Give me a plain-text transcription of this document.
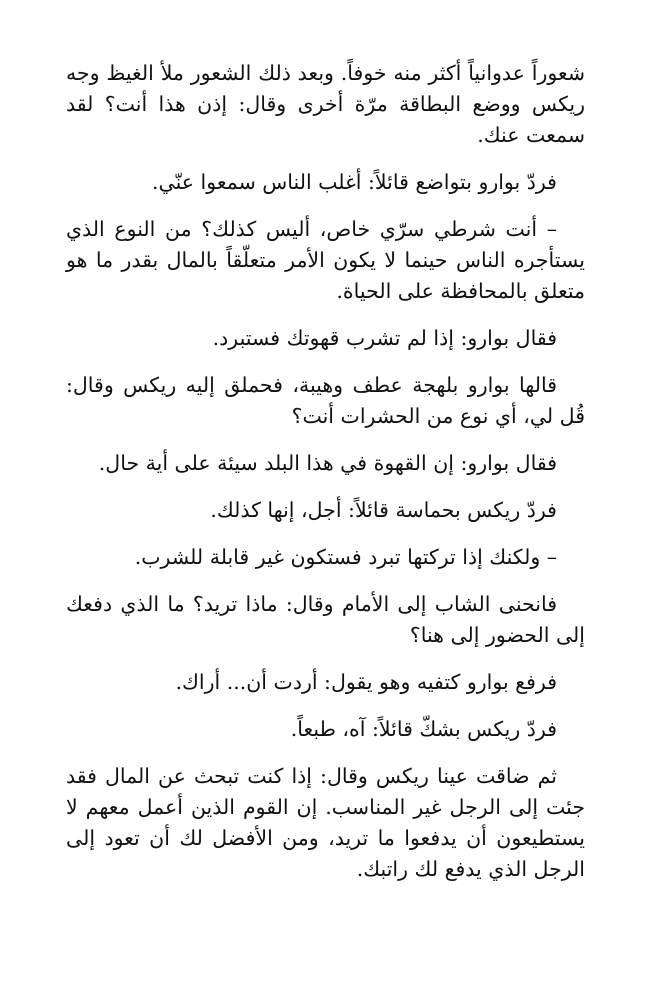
شعوراً عدوانياً أكثر منه خوفاً. وبعد ذلك الشعور ملأ الغيظ وجه ريكس ووضع البطاقة مرّة أخرى وقال: إذن هذا أنت؟ لقد سمعت عنك.

فردّ بوارو بتواضع قائلاً: أغلب الناس سمعوا عنّي.

– أنت شرطي سرّي خاص، أليس كذلك؟ من النوع الذي يستأجره الناس حينما لا يكون الأمر متعلّقاً بالمال بقدر ما هو متعلق بالمحافظة على الحياة.

فقال بوارو: إذا لم تشرب قهوتك فستبرد.

قالها بوارو بلهجة عطف وهيبة، فحملق إليه ريكس وقال: قُل لي، أي نوع من الحشرات أنت؟

فقال بوارو: إن القهوة في هذا البلد سيئة على أية حال.

فردّ ريكس بحماسة قائلاً: أجل، إنها كذلك.

– ولكنك إذا تركتها تبرد فستكون غير قابلة للشرب.

فانحنى الشاب إلى الأمام وقال: ماذا تريد؟ ما الذي دفعك إلى الحضور إلى هنا؟

فرفع بوارو كتفيه وهو يقول: أردت أن... أراك.

فردّ ريكس بشكّ قائلاً: آه، طبعاً.

ثم ضاقت عينا ريكس وقال: إذا كنت تبحث عن المال فقد جئت إلى الرجل غير المناسب. إن القوم الذين أعمل معهم لا يستطيعون أن يدفعوا ما تريد، ومن الأفضل لك أن تعود إلى الرجل الذي يدفع لك راتبك.
